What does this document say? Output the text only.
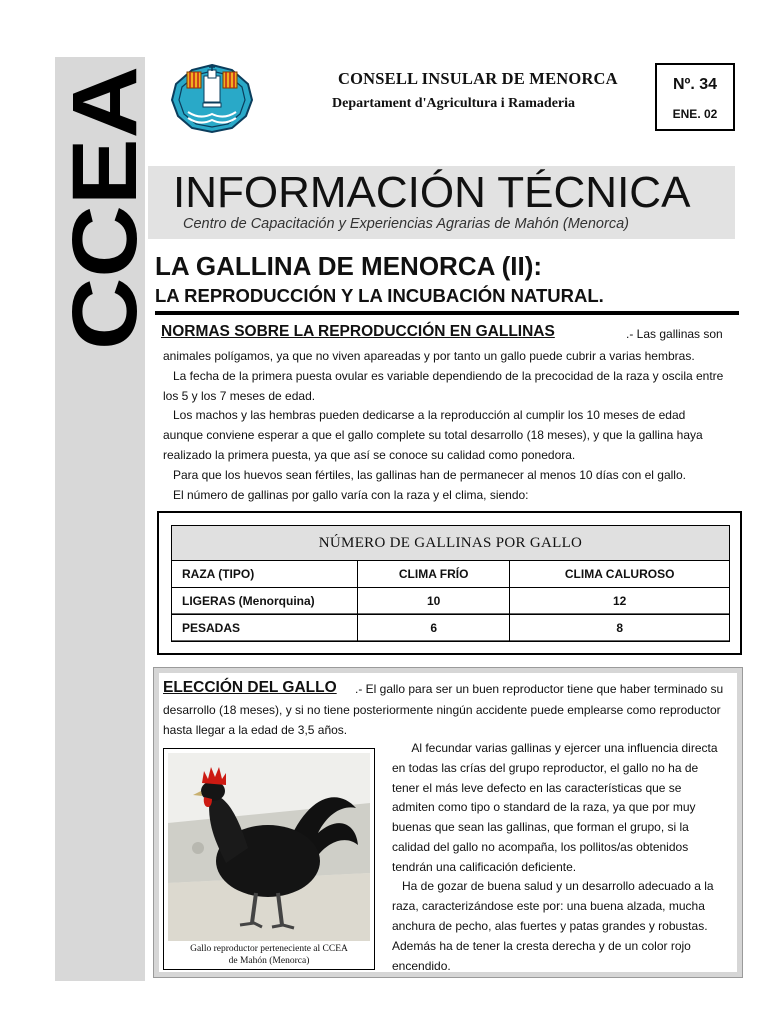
CCEA
CONSELL INSULAR DE MENORCA
Departament d'Agricultura i Ramaderia
Nº. 34
ENE. 02
INFORMACIÓN TÉCNICA
Centro de Capacitación y Experiencias Agrarias de Mahón (Menorca)
LA GALLINA DE MENORCA (II):
LA REPRODUCCIÓN Y LA INCUBACIÓN NATURAL.
NORMAS SOBRE LA REPRODUCCIÓN EN GALLINAS	.- Las gallinas son
animales polígamos, ya que no viven apareadas y por tanto un gallo puede cubrir a varias hembras.
La fecha de la primera puesta ovular es variable dependiendo de la precocidad de la raza y oscila entre
los 5 y los 7 meses de edad.
Los machos y las hembras pueden dedicarse a la reproducción al cumplir los 10 meses de edad
aunque conviene esperar a que el gallo complete su total desarrollo (18 meses), y que la gallina haya
realizado la primera puesta, ya que así se conoce su calidad como ponedora.
Para que los huevos sean fértiles, las gallinas han de permanecer al menos 10 días con el gallo.
El número de gallinas por gallo varía con la raza y el clima, siendo:
NÚMERO DE GALLINAS POR GALLO		
RAZA (TIPO)	CLIMA FRÍO	CLIMA CALUROSO
LIGERAS (Menorquina)	10	12
PESADAS	6	8
ELECCIÓN DEL GALLO .- El gallo para ser un buen reproductor tiene que haber terminado su
desarrollo (18 meses), y si no tiene posteriormente ningún accidente puede emplearse como reproductor
hasta llegar a la edad de 3,5 años.
Gallo reproductor perteneciente al CCEA
de Mahón (Menorca)
Al fecundar varias gallinas y ejercer una influencia directa
en todas las crías del grupo reproductor, el gallo no ha de
tener el más leve defecto en las características que se
admiten como tipo o standard de la raza, ya que por muy
buenas que sean las gallinas, que forman el grupo, si la
calidad del gallo no acompaña, los pollitos/as obtenidos
tendrán una calificación deficiente.
Ha de gozar de buena salud y un desarrollo adecuado a la
raza, caracterizándose este por: una buena alzada, mucha
anchura de pecho, alas fuertes y patas grandes y robustas.
Además ha de tener la cresta derecha y de un color rojo
encendido.
